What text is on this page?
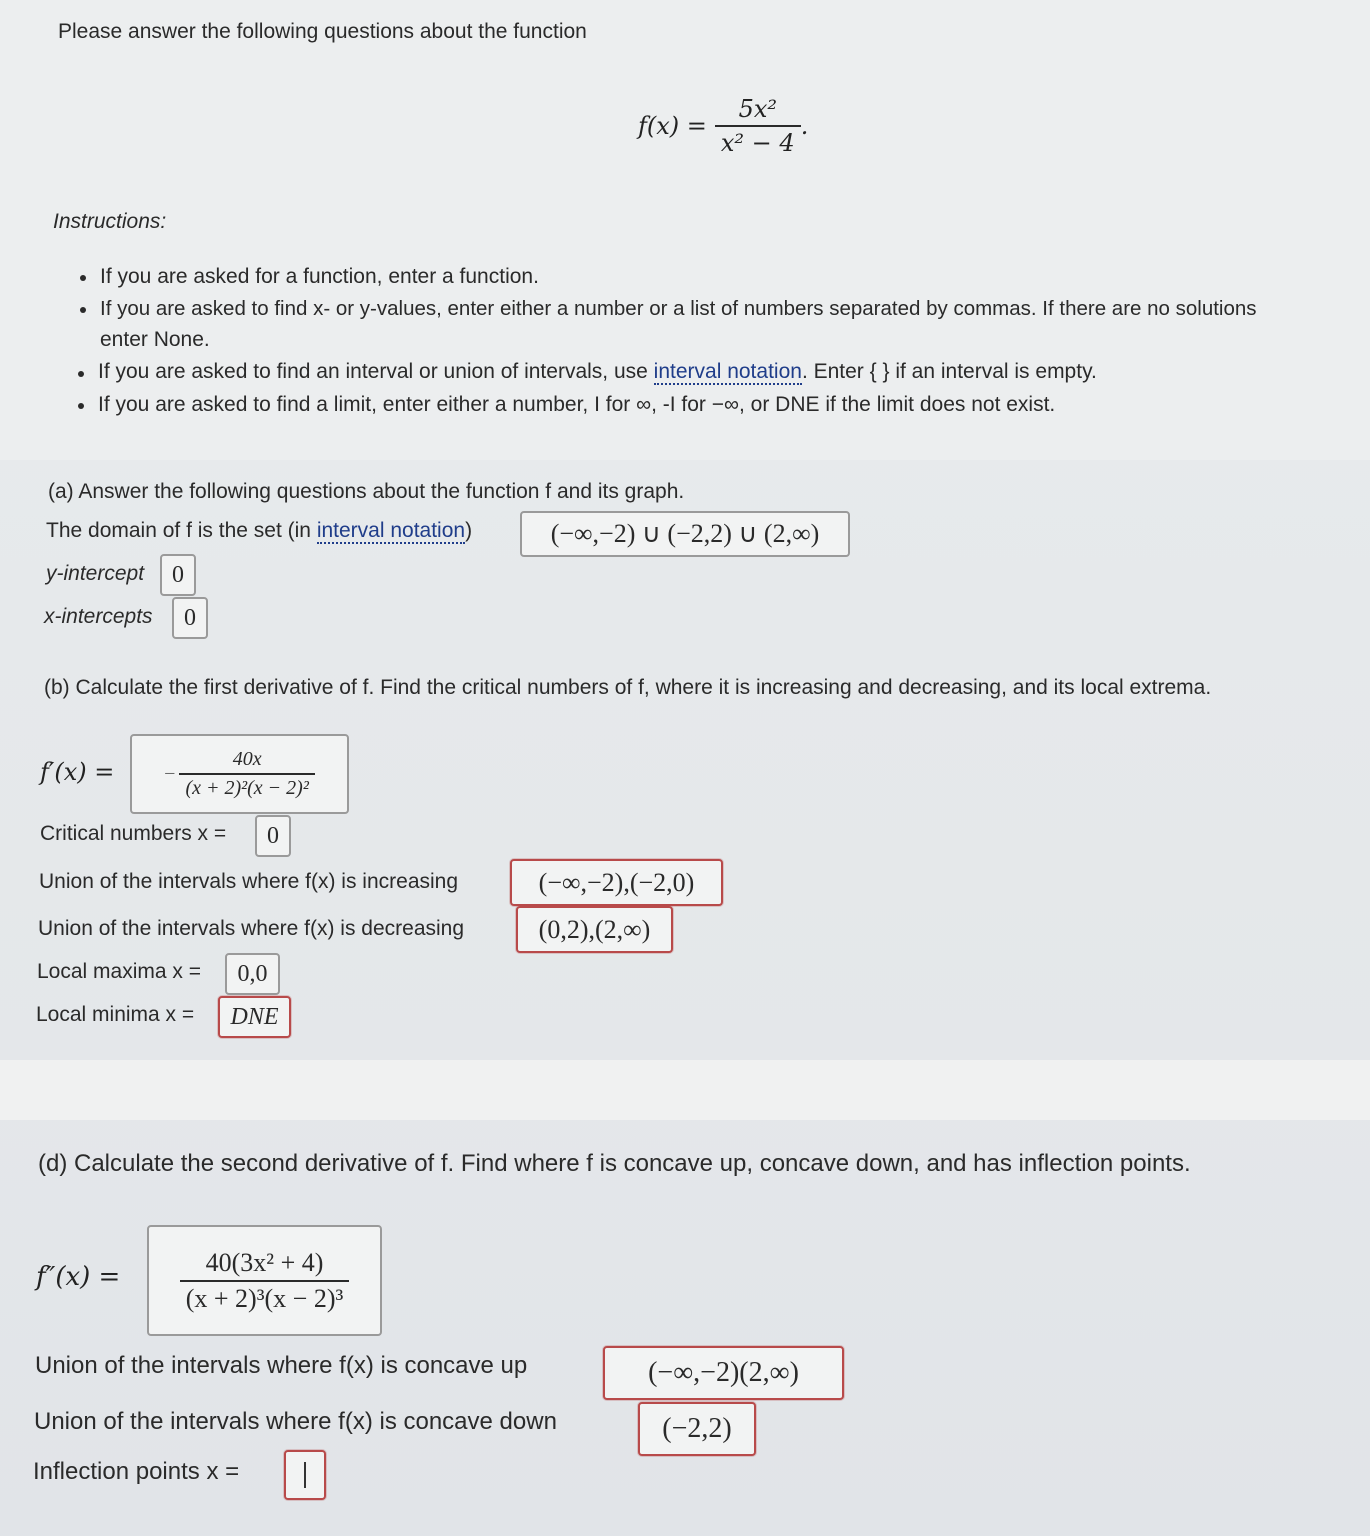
Please answer the following questions about the function
$f(x) = \frac{\text{5x²}}{\text{x² − 4}}$ .
Instructions:
If you are asked for a function, enter a function.
If you are asked to find x- or y-values, enter either a number or a list of numbers separated by commas. If there are no solutions
enter None.
If you are asked to find an interval or union of intervals, use interval notation. Enter { } if an interval is empty.
If you are asked to find a limit, enter either a number, I for ∞, -I for −∞, or DNE if the limit does not exist.
(a) Answer the following questions about the function f and its graph.
The domain of f is the set (in interval notation)	(−∞,−2) ∪ (−2,2) ∪ (2,∞)
y-intercept	0
x-intercepts	0
(b) Calculate the first derivative of f. Find the critical numbers of f, where it is increasing and decreasing, and its local extrema.
f′(x) = − $\frac{40x}{\text{(x + 2)²(x − 2)²}}$
Critical numbers x =	0
Union of the intervals where f(x) is increasing	(−∞,−2),(−2,0)
Union of the intervals where f(x) is decreasing	(0,2),(2,∞)
Local maxima x =	0,0
Local minima x =	DNE
(d) Calculate the second derivative of f. Find where f is concave up, concave down, and has inflection points.
$f''(x) = \frac{\text{40(3x² + 4)}}{\text{(x + 2)³(x − 2)³}}$
Union of the intervals where f(x) is concave up	(−∞,−2)(2,∞)
Union of the intervals where f(x) is concave down	(−2,2)
Inflection points x =
